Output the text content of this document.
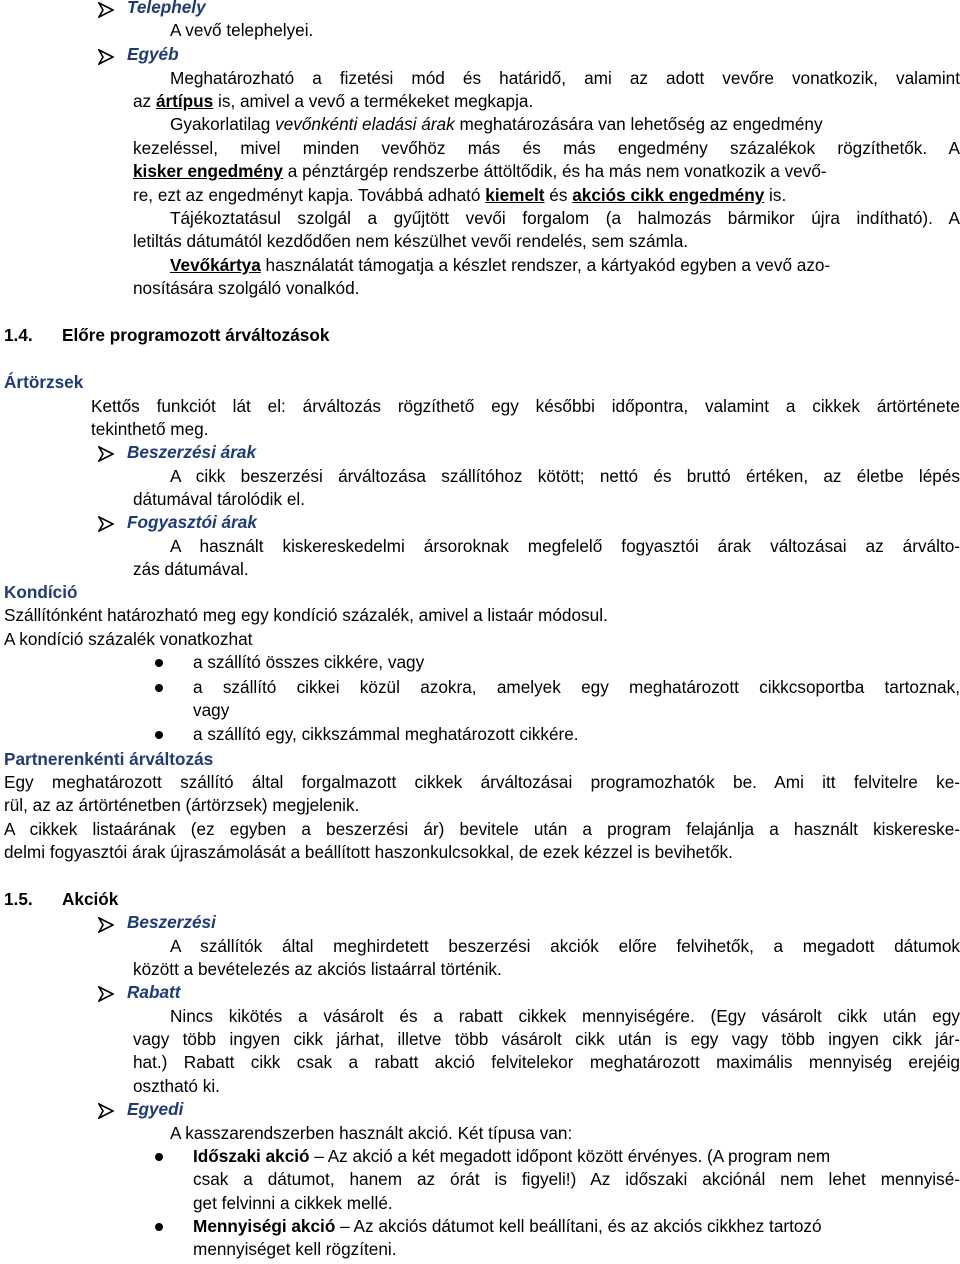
Telephely
A vevő telephelyei.
Egyéb
Meghatározható a fizetési mód és határidő, ami az adott vevőre vonatkozik, valamint
az ártípus is, amivel a vevő a termékeket megkapja.
Gyakorlatilag vevőnkénti eladási árak meghatározására van lehetőség az engedmény
kezeléssel, mivel minden vevőhöz más és más engedmény százalékok rögzíthetők. A
kisker engedmény a pénztárgép rendszerbe áttöltődik, és ha más nem vonatkozik a vevő-
re, ezt az engedményt kapja. Továbbá adható kiemelt és akciós cikk engedmény is.
Tájékoztatásul szolgál a gyűjtött vevői forgalom (a halmozás bármikor újra indítható). A
letiltás dátumától kezdődően nem készülhet vevői rendelés, sem számla.
Vevőkártya használatát támogatja a készlet rendszer, a kártyakód egyben a vevő azo-
nosítására szolgáló vonalkód.
1.4. Előre programozott árváltozások
Ártörzsek
Kettős funkciót lát el: árváltozás rögzíthető egy későbbi időpontra, valamint a cikkek ártörténete
tekinthető meg.
Beszerzési árak
A cikk beszerzési árváltozása szállítóhoz kötött; nettó és bruttó értéken, az életbe lépés
dátumával tárolódik el.
Fogyasztói árak
A használt kiskereskedelmi ársoroknak megfelelő fogyasztói árak változásai az árválto-
zás dátumával.
Kondíció
Szállítónként határozható meg egy kondíció százalék, amivel a listaár módosul.
A kondíció százalék vonatkozhat
a szállító összes cikkére, vagy
a szállító cikkei közül azokra, amelyek egy meghatározott cikkcsoportba tartoznak,
vagy
a szállító egy, cikkszámmal meghatározott cikkére.
Partnerenkénti árváltozás
Egy meghatározott szállító által forgalmazott cikkek árváltozásai programozhatók be. Ami itt felvitelre ke-
rül, az az ártörténetben (ártörzsek) megjelenik.
A cikkek listaárának (ez egyben a beszerzési ár) bevitele után a program felajánlja a használt kiskereske-
delmi fogyasztói árak újraszámolását a beállított haszonkulcsokkal, de ezek kézzel is bevihetők.
1.5. Akciók
Beszerzési
A szállítók által meghirdetett beszerzési akciók előre felvihetők, a megadott dátumok
között a bevételezés az akciós listaárral történik.
Rabatt
Nincs kikötés a vásárolt és a rabatt cikkek mennyiségére. (Egy vásárolt cikk után egy
vagy több ingyen cikk járhat, illetve több vásárolt cikk után is egy vagy több ingyen cikk jár-
hat.) Rabatt cikk csak a rabatt akció felvitelekor meghatározott maximális mennyiség erejéig
osztható ki.
Egyedi
A kasszarendszerben használt akció. Két típusa van:
Időszaki akció – Az akció a két megadott időpont között érvényes. (A program nem
csak a dátumot, hanem az órát is figyeli!) Az időszaki akciónál nem lehet mennyisé-
get felvinni a cikkek mellé.
Mennyiségi akció – Az akciós dátumot kell beállítani, és az akciós cikkhez tartozó
mennyiséget kell rögzíteni.
